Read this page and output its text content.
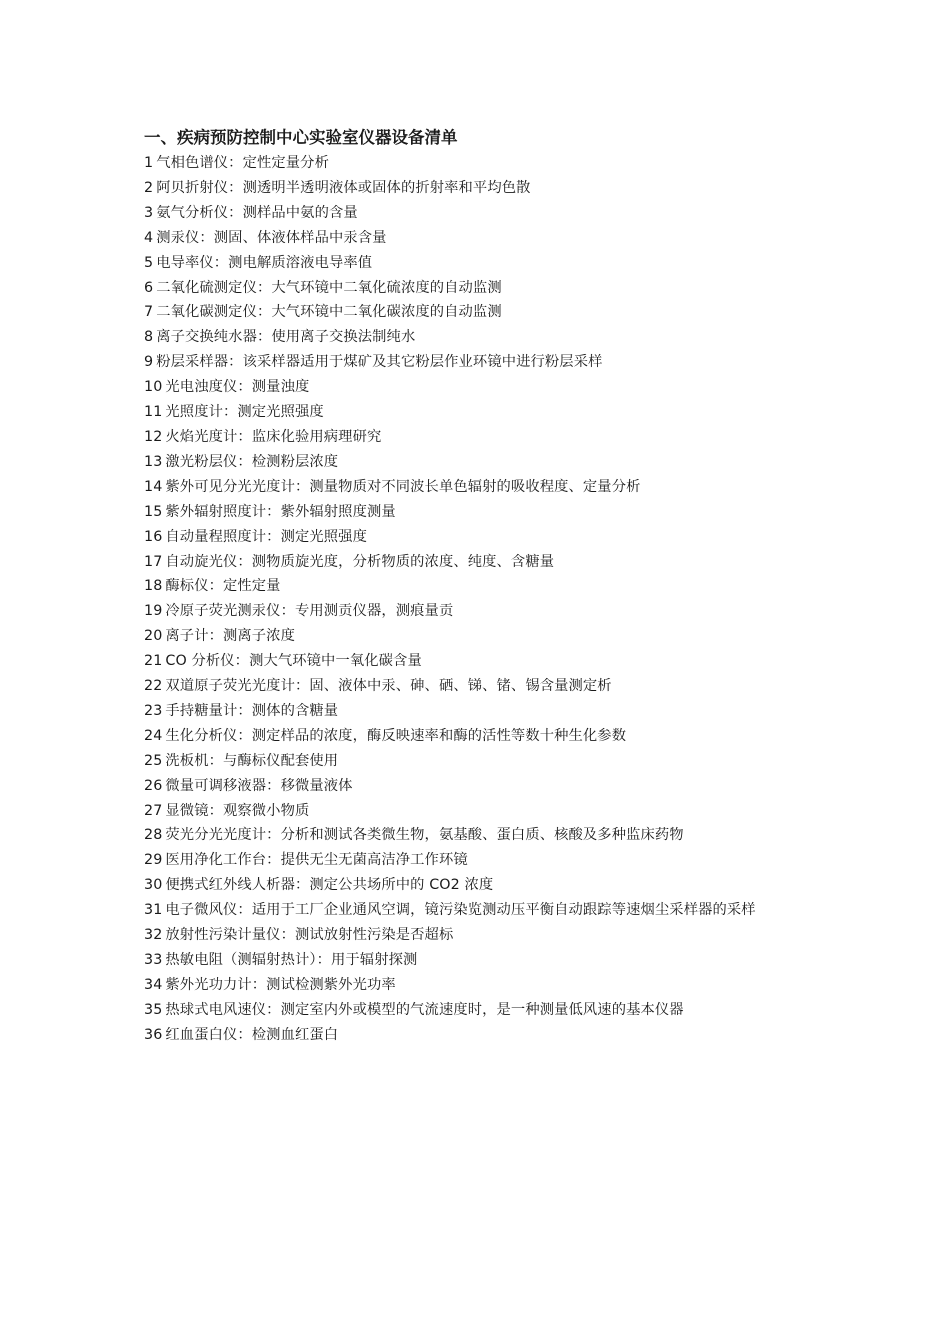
一、疾病预防控制中心实验室仪器设备清单
1 气相色谱仪：定性定量分析
2 阿贝折射仪：测透明半透明液体或固体的折射率和平均色散
3 氨气分析仪：测样品中氨的含量
4 测汞仪：测固、体液体样品中汞含量
5 电导率仪：测电解质溶液电导率值
6 二氧化硫测定仪：大气环镜中二氧化硫浓度的自动监测
7 二氧化碳测定仪：大气环镜中二氧化碳浓度的自动监测
8 离子交换纯水器：使用离子交换法制纯水
9 粉层采样器：该采样器适用于煤矿及其它粉层作业环镜中进行粉层采样
10 光电浊度仪：测量浊度
11 光照度计：测定光照强度
12 火焰光度计：监床化验用病理研究
13 激光粉层仪：检测粉层浓度
14 紫外可见分光光度计：测量物质对不同波长单色辐射的吸收程度、定量分析
15 紫外辐射照度计：紫外辐射照度测量
16 自动量程照度计：测定光照强度
17 自动旋光仪：测物质旋光度，分析物质的浓度、纯度、含糖量
18 酶标仪：定性定量
19 冷原子荧光测汞仪：专用测贡仪器，测痕量贡
20 离子计：测离子浓度
21 CO 分析仪：测大气环镜中一氧化碳含量
22 双道原子荧光光度计：固、液体中汞、砷、硒、锑、锗、锡含量测定析
23 手持糖量计：测体的含糖量
24 生化分析仪：测定样品的浓度，酶反映速率和酶的活性等数十种生化参数
25 洗板机：与酶标仪配套使用
26 微量可调移液器：移微量液体
27 显微镜：观察微小物质
28 荧光分光光度计：分析和测试各类微生物，氨基酸、蛋白质、核酸及多种监床药物
29 医用净化工作台：提供无尘无菌高洁净工作环镜
30 便携式红外线人析器：测定公共场所中的 CO2 浓度
31 电子微风仪：适用于工厂企业通风空调，镜污染览测动压平衡自动跟踪等速烟尘采样器的采样
32 放射性污染计量仪：测试放射性污染是否超标
33 热敏电阻（测辐射热计）：用于辐射探测
34 紫外光功力计：测试检测紫外光功率
35 热球式电风速仪：测定室内外或模型的气流速度时，是一种测量低风速的基本仪器
36 红血蛋白仪：检测血红蛋白
